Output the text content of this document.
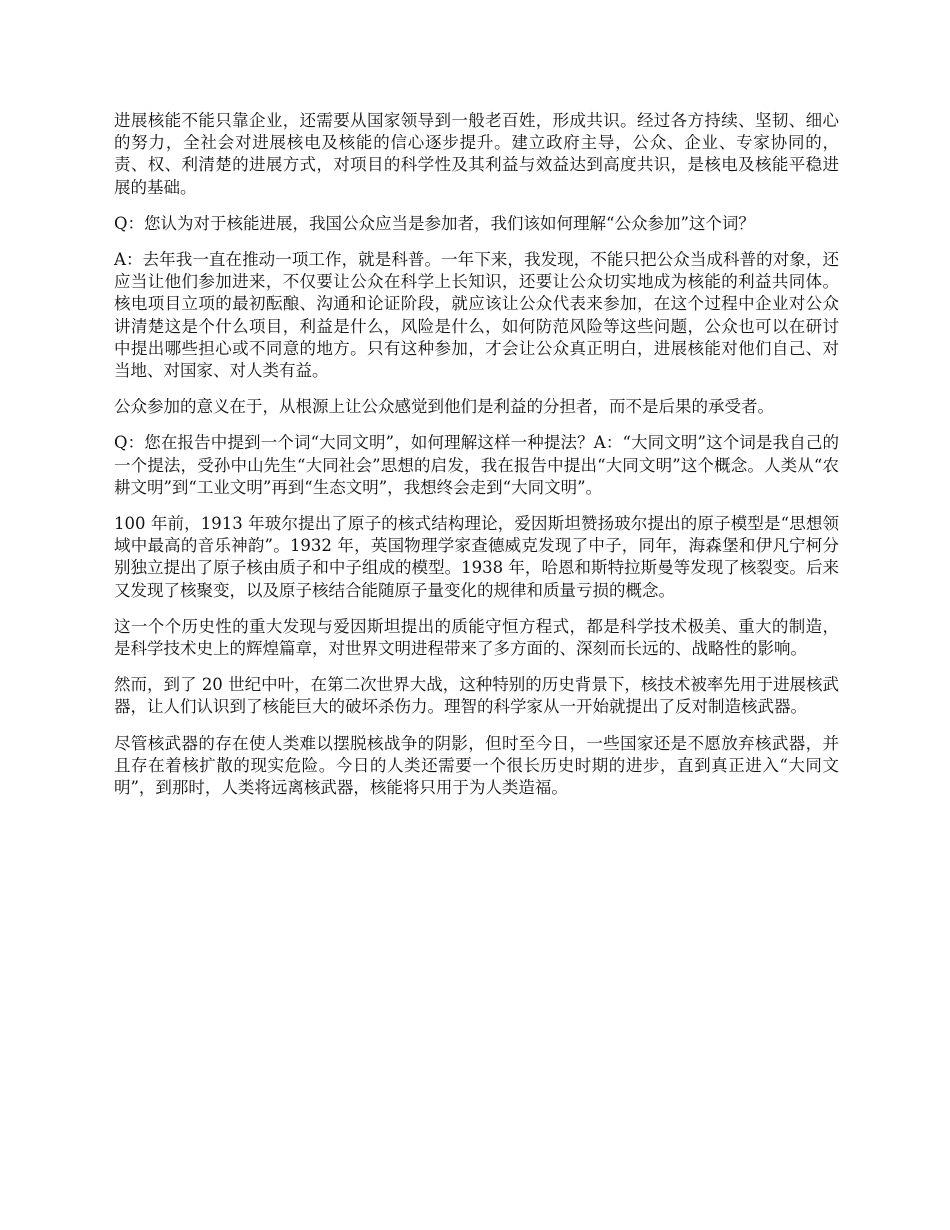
进展核能不能只靠企业，还需要从国家领导到一般老百姓，形成共识。经过各方持续、坚韧、细心的努力，全社会对进展核电及核能的信心逐步提升。建立政府主导，公众、企业、专家协同的，责、权、利清楚的进展方式，对项目的科学性及其利益与效益达到高度共识，是核电及核能平稳进展的基础。

Q：您认为对于核能进展，我国公众应当是参加者，我们该如何理解“公众参加”这个词？

A：去年我一直在推动一项工作，就是科普。一年下来，我发现，不能只把公众当成科普的对象，还应当让他们参加进来，不仅要让公众在科学上长知识，还要让公众切实地成为核能的利益共同体。核电项目立项的最初酝酿、沟通和论证阶段，就应该让公众代表来参加，在这个过程中企业对公众讲清楚这是个什么项目，利益是什么，风险是什么，如何防范风险等这些问题，公众也可以在研讨中提出哪些担心或不同意的地方。只有这种参加，才会让公众真正明白，进展核能对他们自己、对当地、对国家、对人类有益。

公众参加的意义在于，从根源上让公众感觉到他们是利益的分担者，而不是后果的承受者。

Q：您在报告中提到一个词“大同文明”，如何理解这样一种提法？A：“大同文明”这个词是我自己的一个提法，受孙中山先生“大同社会”思想的启发，我在报告中提出“大同文明”这个概念。人类从“农耕文明”到“工业文明”再到“生态文明”，我想终会走到“大同文明”。

100 年前，1913 年玻尔提出了原子的核式结构理论，爱因斯坦赞扬玻尔提出的原子模型是“思想领域中最高的音乐神韵”。1932 年，英国物理学家查德威克发现了中子，同年，海森堡和伊凡宁柯分别独立提出了原子核由质子和中子组成的模型。1938 年，哈恩和斯特拉斯曼等发现了核裂变。后来又发现了核聚变，以及原子核结合能随原子量变化的规律和质量亏损的概念。

这一个个历史性的重大发现与爱因斯坦提出的质能守恒方程式，都是科学技术极美、重大的制造，是科学技术史上的辉煌篇章，对世界文明进程带来了多方面的、深刻而长远的、战略性的影响。

然而，到了 20 世纪中叶，在第二次世界大战，这种特别的历史背景下，核技术被率先用于进展核武器，让人们认识到了核能巨大的破坏杀伤力。理智的科学家从一开始就提出了反对制造核武器。

尽管核武器的存在使人类难以摆脱核战争的阴影，但时至今日，一些国家还是不愿放弃核武器，并且存在着核扩散的现实危险。今日的人类还需要一个很长历史时期的进步，直到真正进入“大同文明”，到那时，人类将远离核武器，核能将只用于为人类造福。
